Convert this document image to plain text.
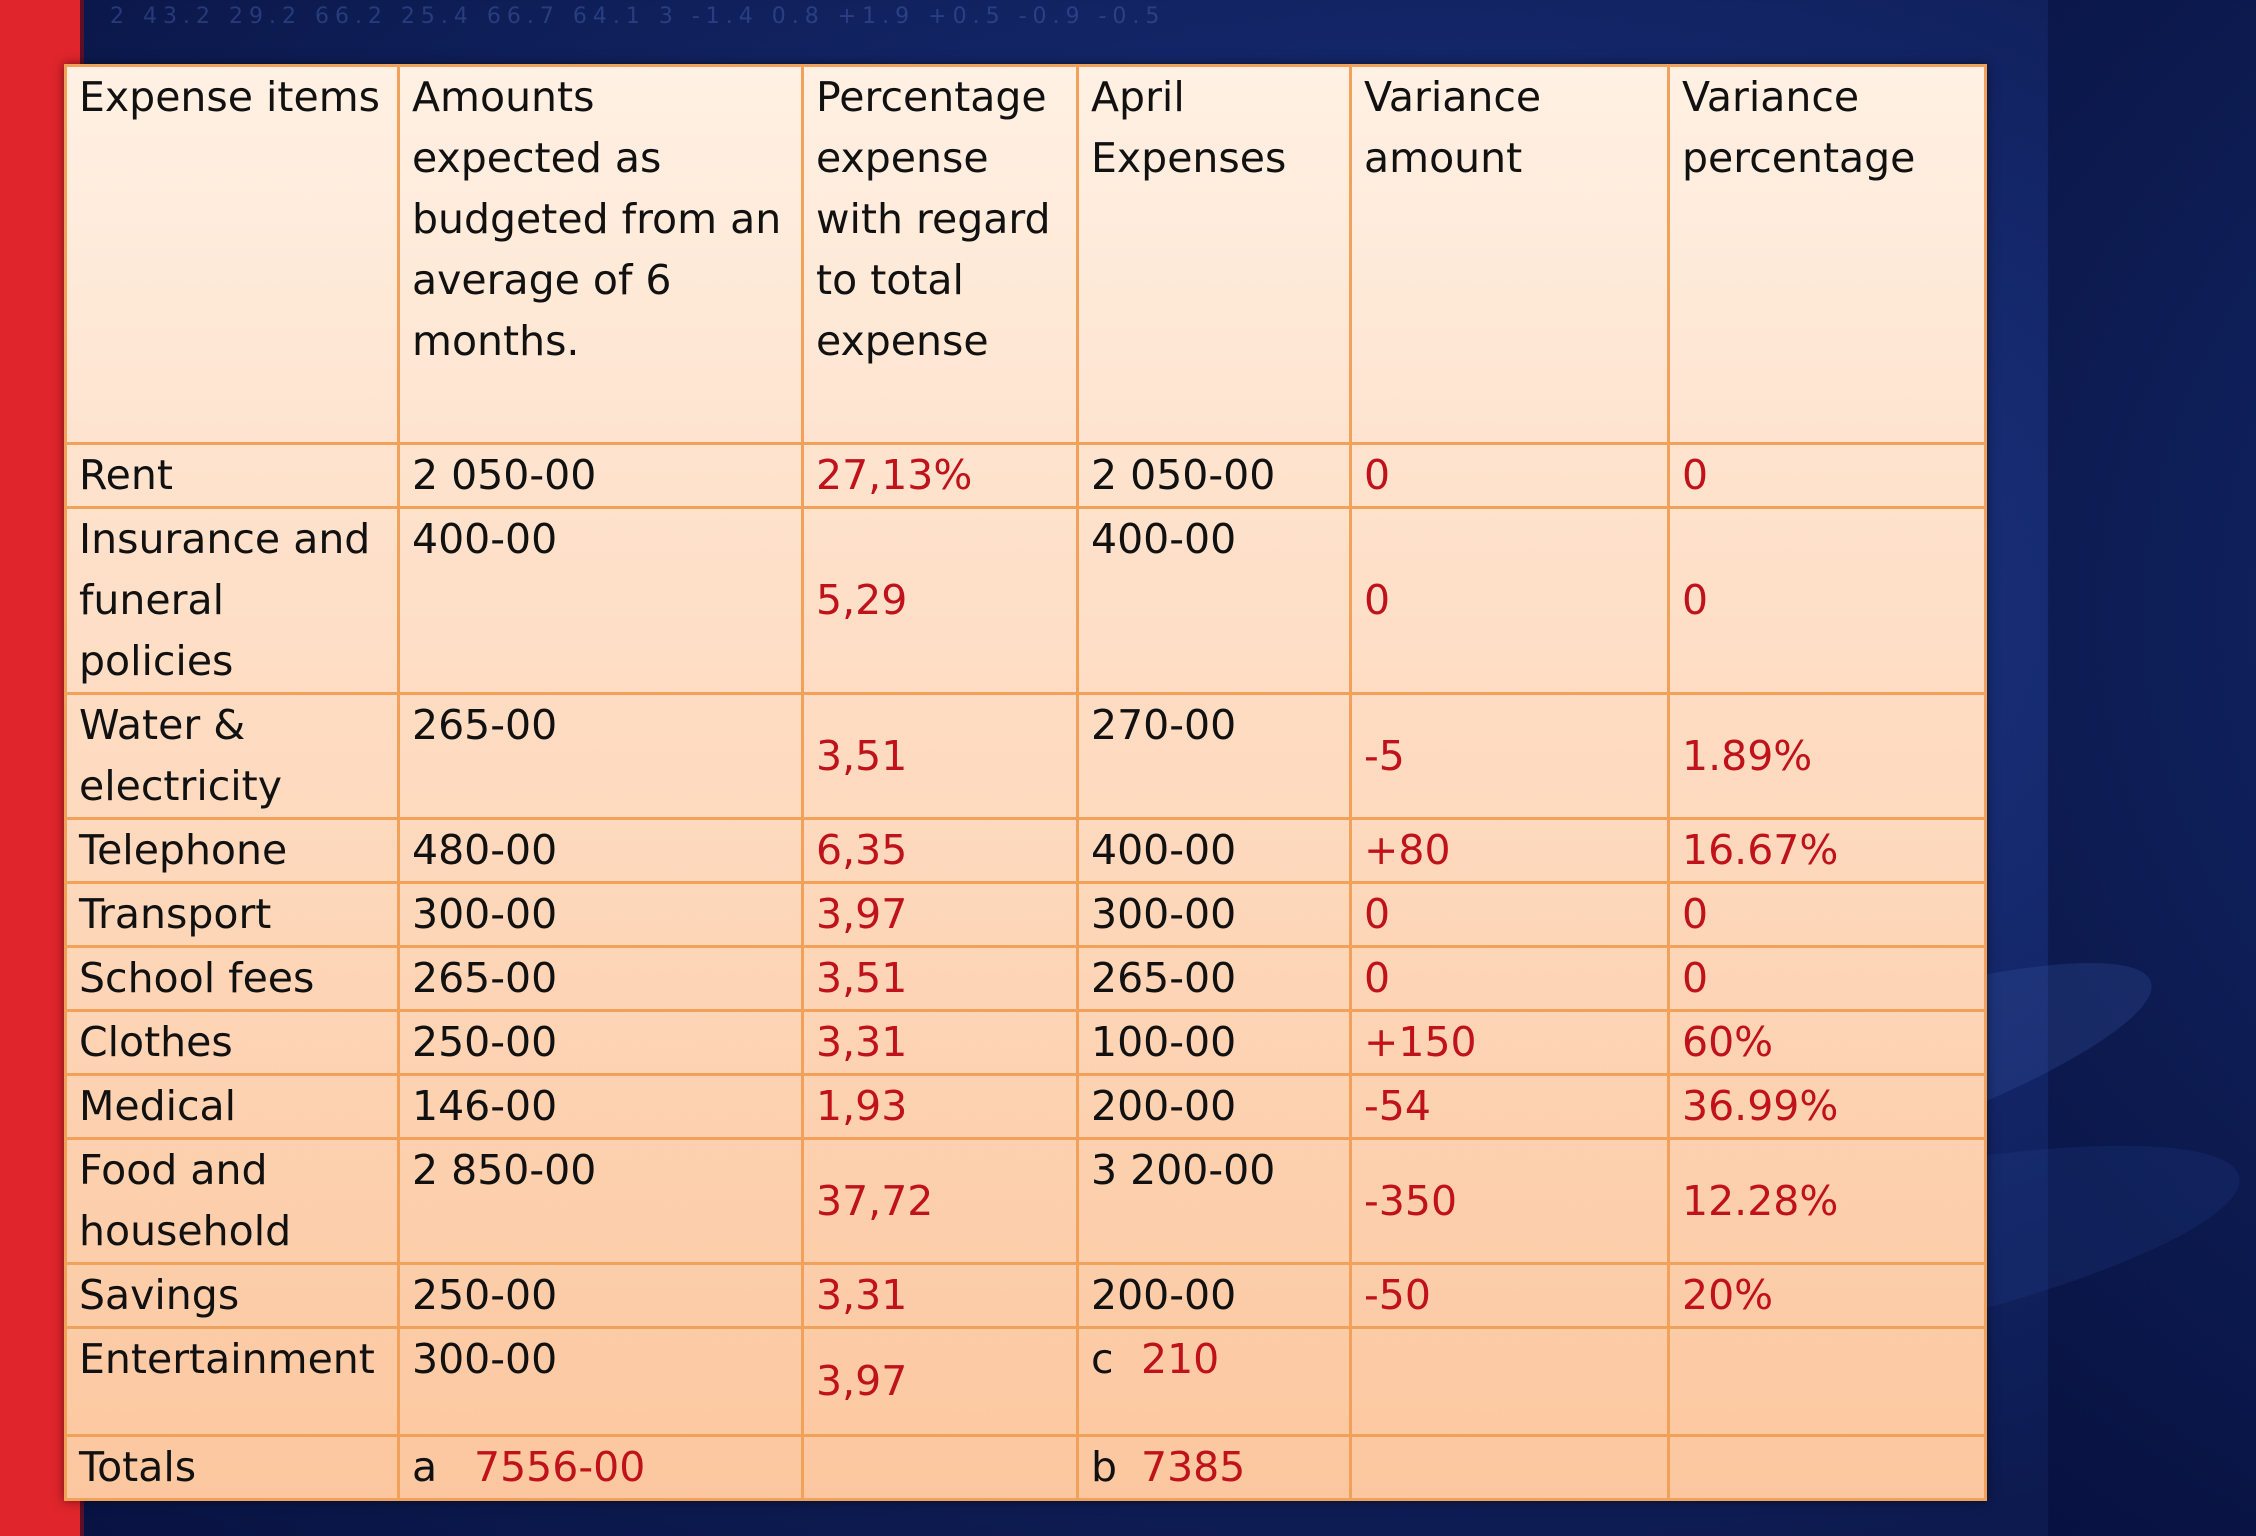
2 43.2 29.2 66.2 25.4 66.7 64.1 3 -1.4 0.8 +1.9 +0.5 -0.9 -0.5
Expense items	Amounts expected as budgeted from an average of 6 months.	Percentage expense with regard to total expense	April Expenses	Variance amount	Variance percentage
Rent	2 050-00	27,13%	2 050-00	0	0
Insurance and funeral policies	400-00	5,29	400-00	0	0
Water & electricity	265-00	3,51	270-00	-5	1.89%
Telephone	480-00	6,35	400-00	+80	16.67%
Transport	300-00	3,97	300-00	0	0
School fees	265-00	3,51	265-00	0	0
Clothes	250-00	3,31	100-00	+150	60%
Medical	146-00	1,93	200-00	-54	36.99%
Food and household	2 850-00	37,72	3 200-00	-350	12.28%
Savings	250-00	3,31	200-00	-50	20%
Entertainment	300-00	3,97	c 210		
Totals	a 7556-00		b 7385		
